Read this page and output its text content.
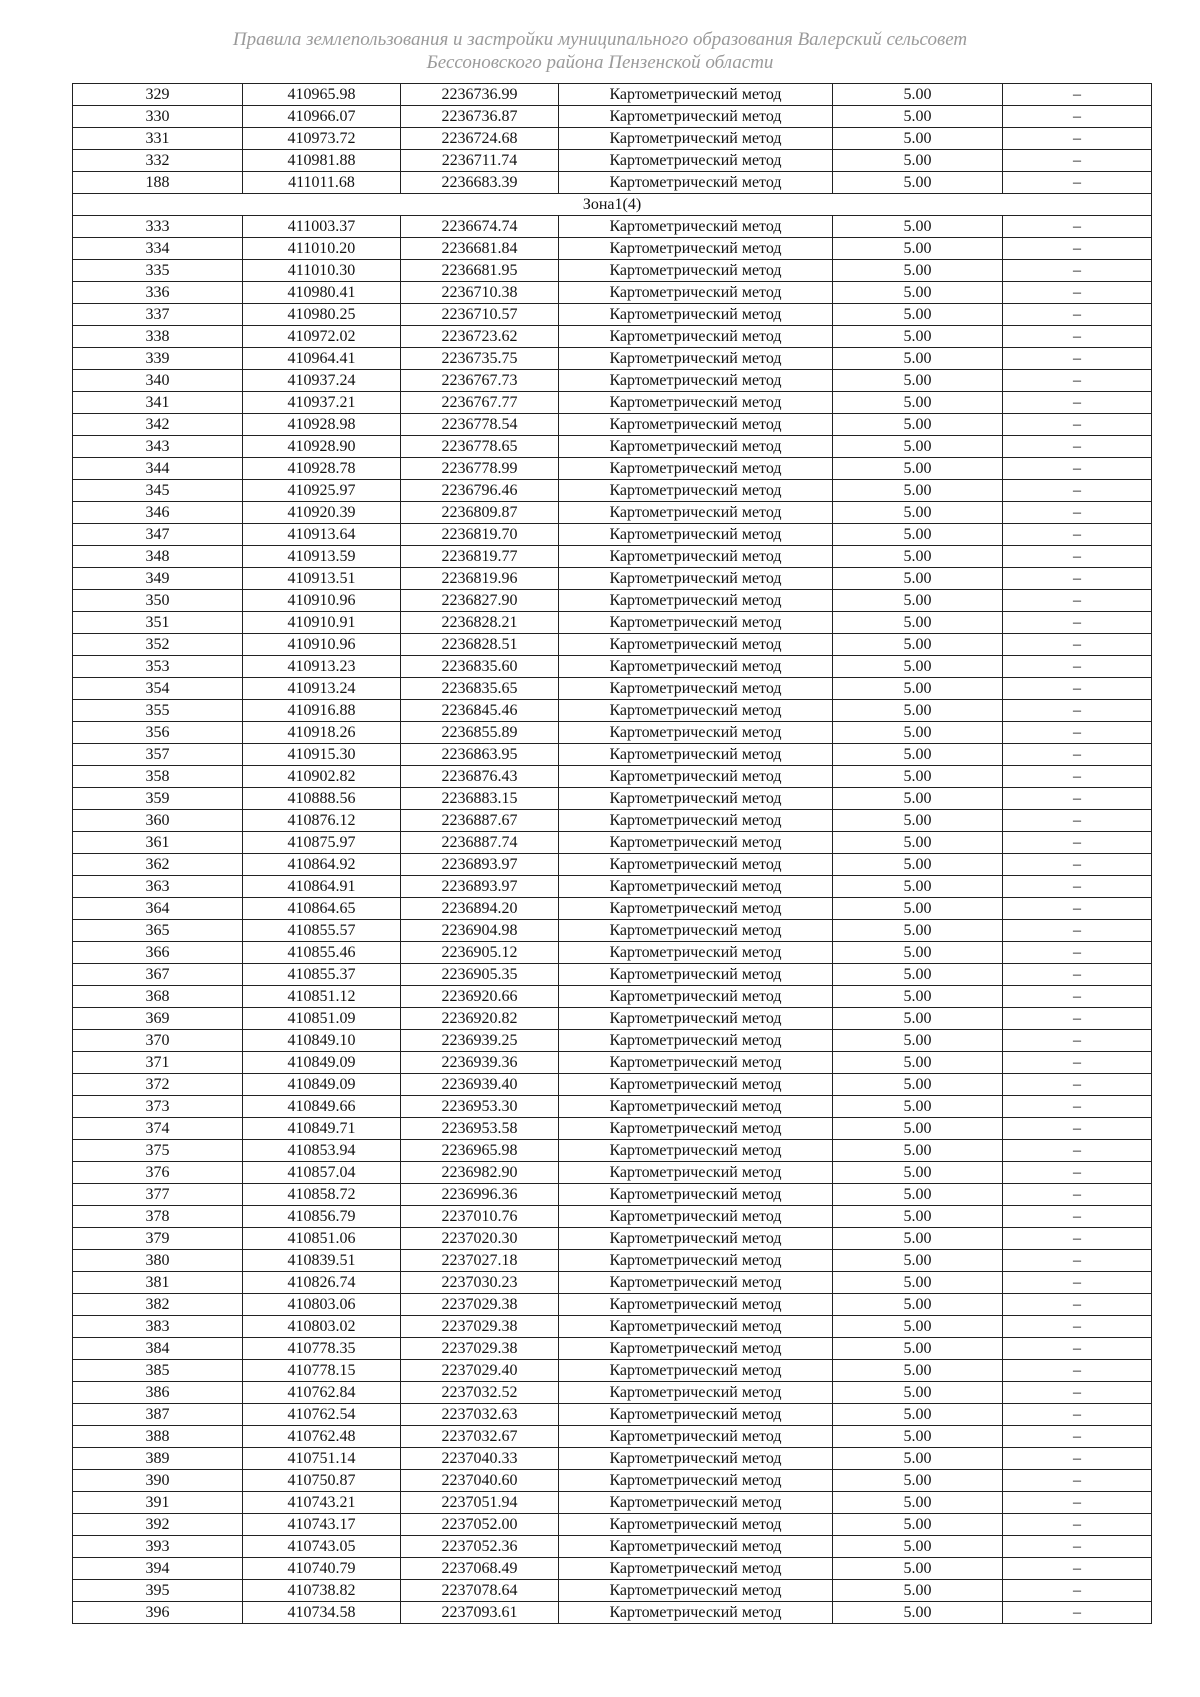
Правила землепользования и застройки муниципального образования Валерский сельсовет
Бессоновского района Пензенской области
329	410965.98	2236736.99	Картометрический метод	5.00	–
330	410966.07	2236736.87	Картометрический метод	5.00	–
331	410973.72	2236724.68	Картометрический метод	5.00	–
332	410981.88	2236711.74	Картометрический метод	5.00	–
188	411011.68	2236683.39	Картометрический метод	5.00	–
Зона1(4)					
333	411003.37	2236674.74	Картометрический метод	5.00	–
334	411010.20	2236681.84	Картометрический метод	5.00	–
335	411010.30	2236681.95	Картометрический метод	5.00	–
336	410980.41	2236710.38	Картометрический метод	5.00	–
337	410980.25	2236710.57	Картометрический метод	5.00	–
338	410972.02	2236723.62	Картометрический метод	5.00	–
339	410964.41	2236735.75	Картометрический метод	5.00	–
340	410937.24	2236767.73	Картометрический метод	5.00	–
341	410937.21	2236767.77	Картометрический метод	5.00	–
342	410928.98	2236778.54	Картометрический метод	5.00	–
343	410928.90	2236778.65	Картометрический метод	5.00	–
344	410928.78	2236778.99	Картометрический метод	5.00	–
345	410925.97	2236796.46	Картометрический метод	5.00	–
346	410920.39	2236809.87	Картометрический метод	5.00	–
347	410913.64	2236819.70	Картометрический метод	5.00	–
348	410913.59	2236819.77	Картометрический метод	5.00	–
349	410913.51	2236819.96	Картометрический метод	5.00	–
350	410910.96	2236827.90	Картометрический метод	5.00	–
351	410910.91	2236828.21	Картометрический метод	5.00	–
352	410910.96	2236828.51	Картометрический метод	5.00	–
353	410913.23	2236835.60	Картометрический метод	5.00	–
354	410913.24	2236835.65	Картометрический метод	5.00	–
355	410916.88	2236845.46	Картометрический метод	5.00	–
356	410918.26	2236855.89	Картометрический метод	5.00	–
357	410915.30	2236863.95	Картометрический метод	5.00	–
358	410902.82	2236876.43	Картометрический метод	5.00	–
359	410888.56	2236883.15	Картометрический метод	5.00	–
360	410876.12	2236887.67	Картометрический метод	5.00	–
361	410875.97	2236887.74	Картометрический метод	5.00	–
362	410864.92	2236893.97	Картометрический метод	5.00	–
363	410864.91	2236893.97	Картометрический метод	5.00	–
364	410864.65	2236894.20	Картометрический метод	5.00	–
365	410855.57	2236904.98	Картометрический метод	5.00	–
366	410855.46	2236905.12	Картометрический метод	5.00	–
367	410855.37	2236905.35	Картометрический метод	5.00	–
368	410851.12	2236920.66	Картометрический метод	5.00	–
369	410851.09	2236920.82	Картометрический метод	5.00	–
370	410849.10	2236939.25	Картометрический метод	5.00	–
371	410849.09	2236939.36	Картометрический метод	5.00	–
372	410849.09	2236939.40	Картометрический метод	5.00	–
373	410849.66	2236953.30	Картометрический метод	5.00	–
374	410849.71	2236953.58	Картометрический метод	5.00	–
375	410853.94	2236965.98	Картометрический метод	5.00	–
376	410857.04	2236982.90	Картометрический метод	5.00	–
377	410858.72	2236996.36	Картометрический метод	5.00	–
378	410856.79	2237010.76	Картометрический метод	5.00	–
379	410851.06	2237020.30	Картометрический метод	5.00	–
380	410839.51	2237027.18	Картометрический метод	5.00	–
381	410826.74	2237030.23	Картометрический метод	5.00	–
382	410803.06	2237029.38	Картометрический метод	5.00	–
383	410803.02	2237029.38	Картометрический метод	5.00	–
384	410778.35	2237029.38	Картометрический метод	5.00	–
385	410778.15	2237029.40	Картометрический метод	5.00	–
386	410762.84	2237032.52	Картометрический метод	5.00	–
387	410762.54	2237032.63	Картометрический метод	5.00	–
388	410762.48	2237032.67	Картометрический метод	5.00	–
389	410751.14	2237040.33	Картометрический метод	5.00	–
390	410750.87	2237040.60	Картометрический метод	5.00	–
391	410743.21	2237051.94	Картометрический метод	5.00	–
392	410743.17	2237052.00	Картометрический метод	5.00	–
393	410743.05	2237052.36	Картометрический метод	5.00	–
394	410740.79	2237068.49	Картометрический метод	5.00	–
395	410738.82	2237078.64	Картометрический метод	5.00	–
396	410734.58	2237093.61	Картометрический метод	5.00	–
